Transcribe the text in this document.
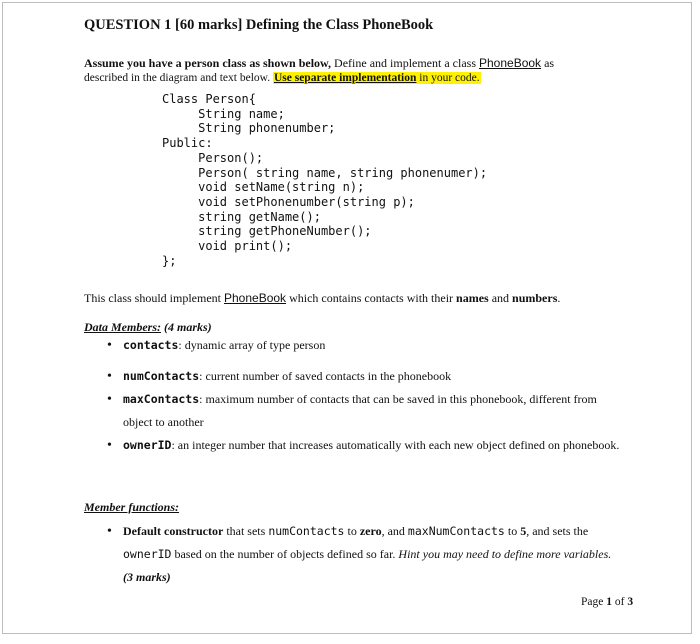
QUESTION 1 [60 marks] Defining the Class PhoneBook
Assume you have a person class as shown below, Define and implement a class PhoneBook as
described in the diagram and text below. Use separate implementation in your code.
Class Person{
String name;
String phonenumber;
Public:
Person();
Person( string name, string phonenumer);
void setName(string n);
void setPhonenumber(string p);
string getName();
string getPhoneNumber();
void print();
};
This class should implement PhoneBook which contains contacts with their names and numbers.
Data Members: (4 marks)
• contacts: dynamic array of type person
• numContacts: current number of saved contacts in the phonebook
• maxContacts: maximum number of contacts that can be saved in this phonebook, different from object to another
• ownerID: an integer number that increases automatically with each new object defined on phonebook.
Member functions:
• Default constructor that sets numContacts to zero, and maxNumContacts to 5, and sets the ownerID based on the number of objects defined so far. Hint you may need to define more variables. (3 marks)
Page 1 of 3
